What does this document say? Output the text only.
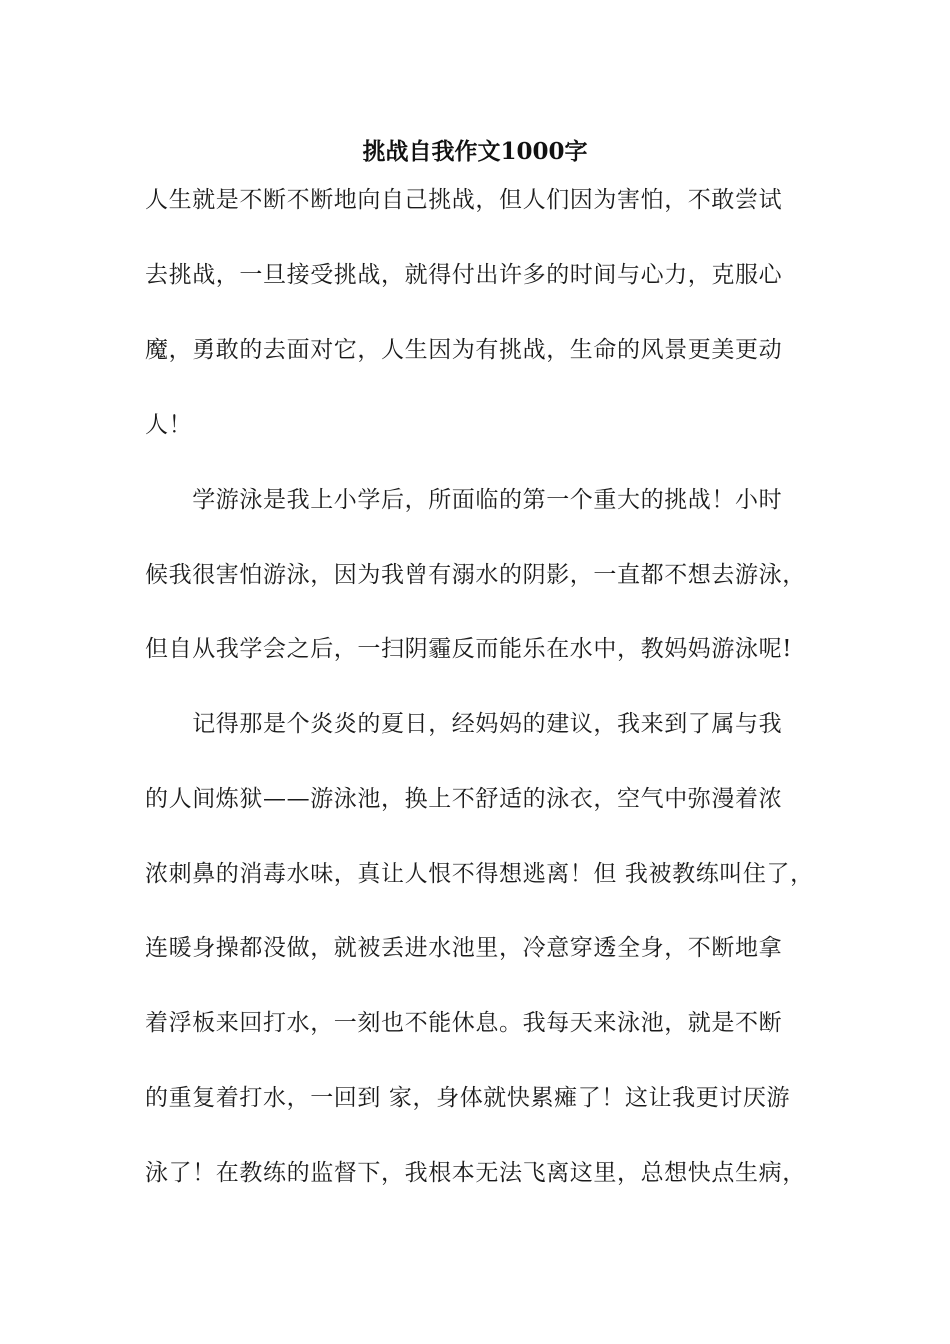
挑战自我作文1000字
人生就是不断不断地向自己挑战，但人们因为害怕，不敢尝试
去挑战，一旦接受挑战，就得付出许多的时间与心力，克服心
魔，勇敢的去面对它，人生因为有挑战，生命的风景更美更动
人！
　　学游泳是我上小学后，所面临的第一个重大的挑战！小时
候我很害怕游泳，因为我曾有溺水的阴影，一直都不想去游泳，
但自从我学会之后，一扫阴霾反而能乐在水中，教妈妈游泳呢!
　　记得那是个炎炎的夏日，经妈妈的建议，我来到了属与我
的人间炼狱——游泳池，换上不舒适的泳衣，空气中弥漫着浓
浓刺鼻的消毒水味，真让人恨不得想逃离！但 我被教练叫住了，
连暖身操都没做，就被丢进水池里，冷意穿透全身，不断地拿
着浮板来回打水，一刻也不能休息。我每天来泳池，就是不断
的重复着打水，一回到 家，身体就快累瘫了！这让我更讨厌游
泳了！在教练的监督下，我根本无法飞离这里，总想快点生病，
